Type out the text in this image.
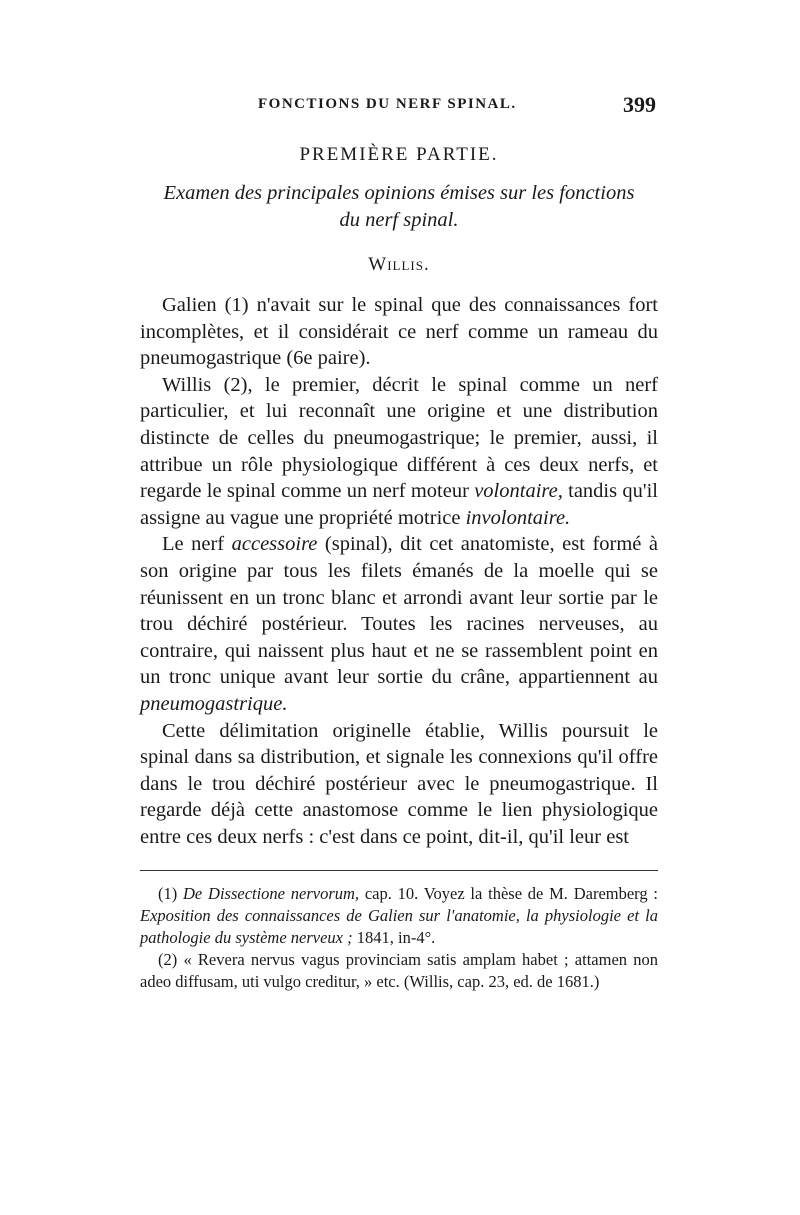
FONCTIONS DU NERF SPINAL.	399
PREMIÈRE PARTIE.
Examen des principales opinions émises sur les fonctions
du nerf spinal.
Willis.

Galien (1) n'avait sur le spinal que des connaissances fort incomplètes, et il considérait ce nerf comme un rameau du pneumogastrique (6e paire).

Willis (2), le premier, décrit le spinal comme un nerf particulier, et lui reconnaît une origine et une distribution distincte de celles du pneumogastrique; le premier, aussi, il attribue un rôle physiologique différent à ces deux nerfs, et regarde le spinal comme un nerf moteur volontaire, tandis qu'il assigne au vague une propriété motrice involontaire.

Le nerf accessoire (spinal), dit cet anatomiste, est formé à son origine par tous les filets émanés de la moelle qui se réunissent en un tronc blanc et arrondi avant leur sortie par le trou déchiré postérieur. Toutes les racines nerveuses, au contraire, qui naissent plus haut et ne se rassemblent point en un tronc unique avant leur sortie du crâne, appartiennent au pneumogastrique.

Cette délimitation originelle établie, Willis poursuit le spinal dans sa distribution, et signale les connexions qu'il offre dans le trou déchiré postérieur avec le pneumogastrique. Il regarde déjà cette anastomose comme le lien physiologique entre ces deux nerfs : c'est dans ce point, dit-il, qu'il leur est

(1) De Dissectione nervorum, cap. 10. Voyez la thèse de M. Daremberg : Exposition des connaissances de Galien sur l'anatomie, la physiologie et la pathologie du système nerveux ; 1841, in-4°.

(2) « Revera nervus vagus provinciam satis amplam habet ; attamen non adeo diffusam, uti vulgo creditur, » etc. (Willis, cap. 23, ed. de 1681.)
